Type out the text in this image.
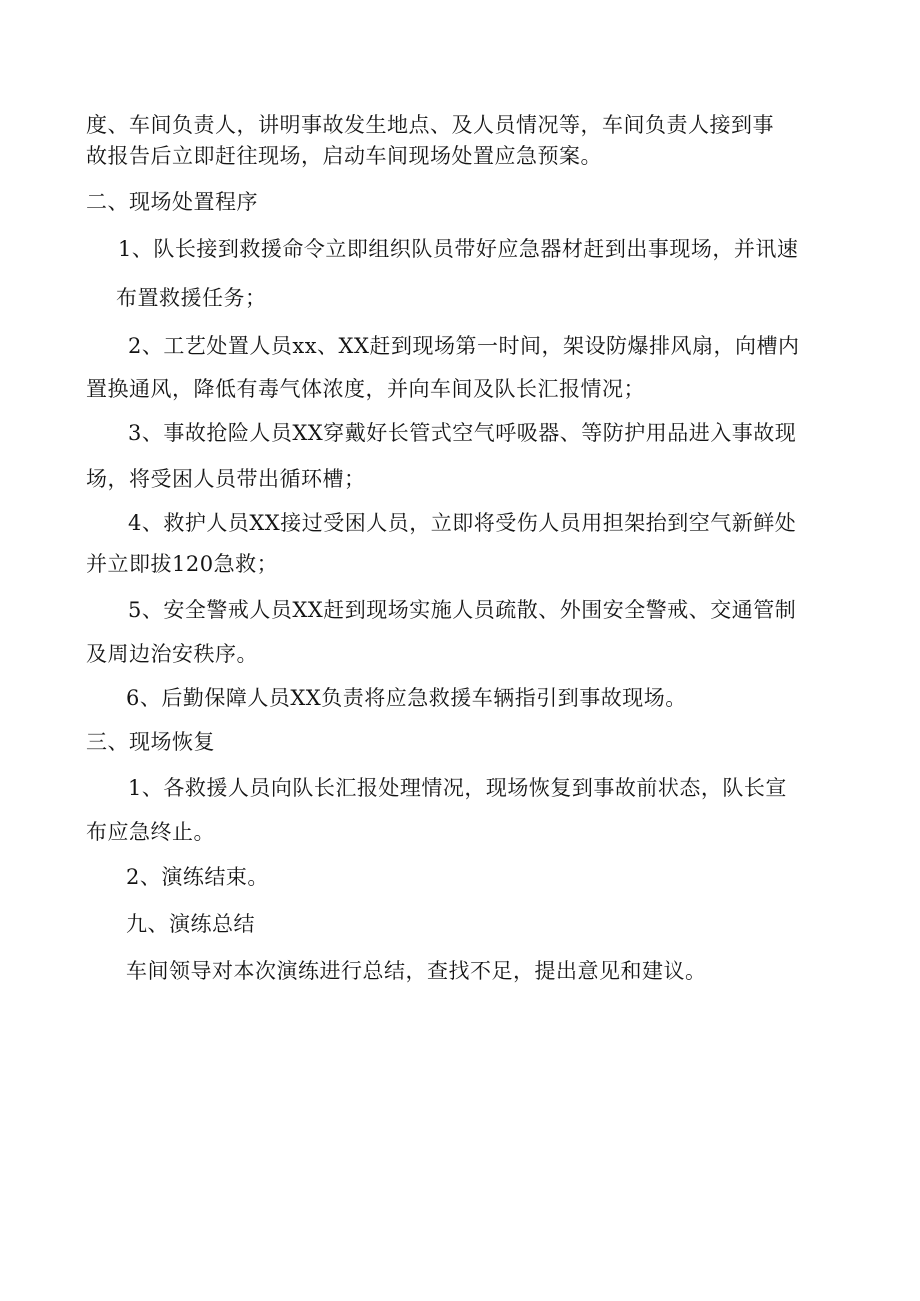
度、车间负责人，讲明事故发生地点、及人员情况等，车间负责人接到事

故报告后立即赶往现场，启动车间现场处置应急预案。

二、现场处置程序

1、队长接到救援命令立即组织队员带好应急器材赶到出事现场，并讯速

布置救援任务；

2、工艺处置人员xx、XX赶到现场第一时间，架设防爆排风扇，向槽内

置换通风，降低有毒气体浓度，并向车间及队长汇报情况；

3、事故抢险人员XX穿戴好长管式空气呼吸器、等防护用品进入事故现

场，将受困人员带出循环槽；

4、救护人员XX接过受困人员，立即将受伤人员用担架抬到空气新鲜处

并立即拔120急救；

5、安全警戒人员XX赶到现场实施人员疏散、外围安全警戒、交通管制

及周边治安秩序。

6、后勤保障人员XX负责将应急救援车辆指引到事故现场。

三、现场恢复

1、各救援人员向队长汇报处理情况，现场恢复到事故前状态，队长宣

布应急终止。

2、演练结束。

九、演练总结

车间领导对本次演练进行总结，查找不足，提出意见和建议。
